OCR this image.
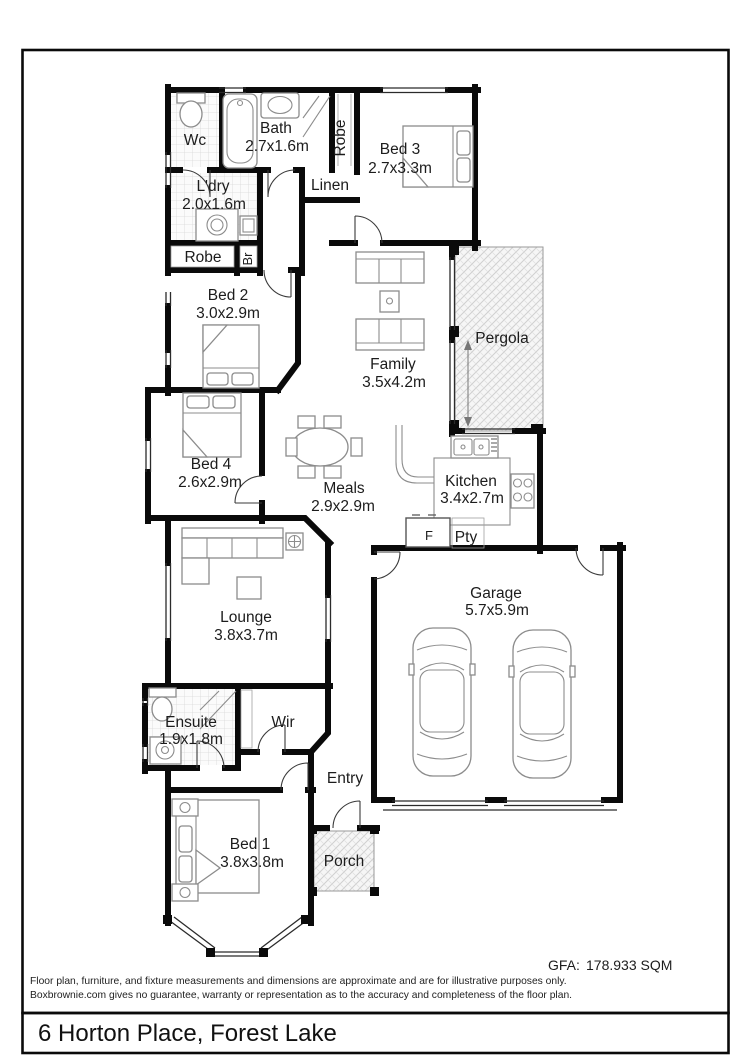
Wc
Bath
2.7x1.6m Robe Bed 3
2.7x3.3m
L'dry
2.0x1.6m
Linen
Robe Br
Bed 2
3.0x2.9m
Family
3.5x4.2m
Pergola
Bed 4
2.6x2.9m	Meals
2.9x2.9m
Kitchen
3.4x2.7m
F Pty
Lounge
3.8x3.7m
Garage
5.7x5.9m
Ensuite
1.9x1.8m
Wir
Entry
Bed 1
3.8x3.8m	Porch
GFA: 178.933 SQM
Floor plan, furniture, and fixture measurements and dimensions are approximate and are for illustrative purposes only.
Boxbrownie.com gives no guarantee, warranty or representation as to the accuracy and completeness of the floor plan.
6 Horton Place, Forest Lake
